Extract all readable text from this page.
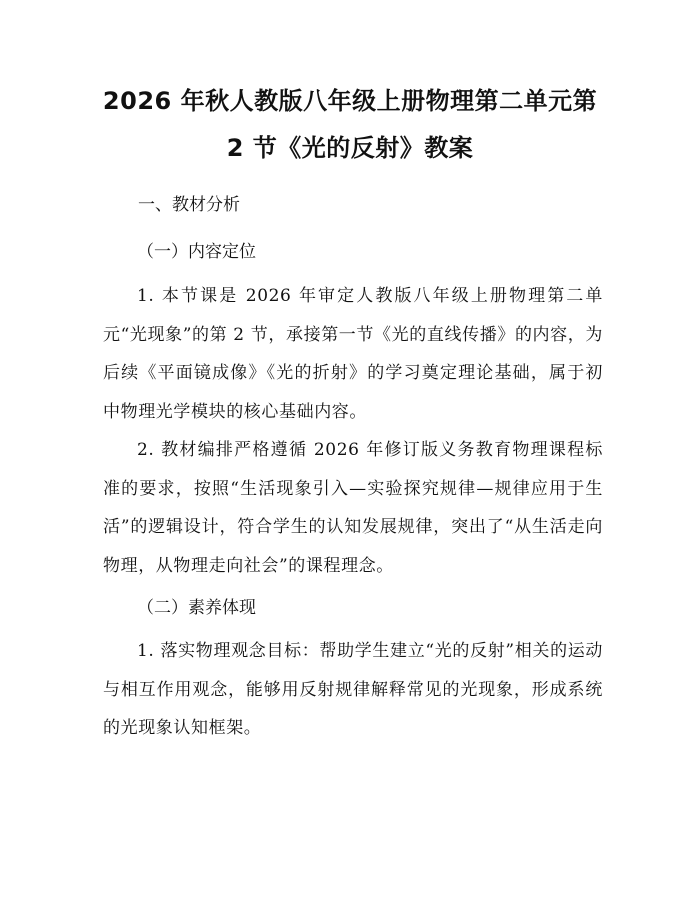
2026 年秋人教版八年级上册物理第二单元第
2 节《光的反射》教案
一、教材分析
（一）内容定位

1. 本节课是 2026 年审定人教版八年级上册物理第二单元“光现象”的第 2 节，承接第一节《光的直线传播》的内容，为后续《平面镜成像》《光的折射》的学习奠定理论基础，属于初中物理光学模块的核心基础内容。

2. 教材编排严格遵循 2026 年修订版义务教育物理课程标准的要求，按照“生活现象引入—实验探究规律—规律应用于生活”的逻辑设计，符合学生的认知发展规律，突出了“从生活走向物理，从物理走向社会”的课程理念。

（二）素养体现

1. 落实物理观念目标：帮助学生建立“光的反射”相关的运动与相互作用观念，能够用反射规律解释常见的光现象，形成系统的光现象认知框架。
